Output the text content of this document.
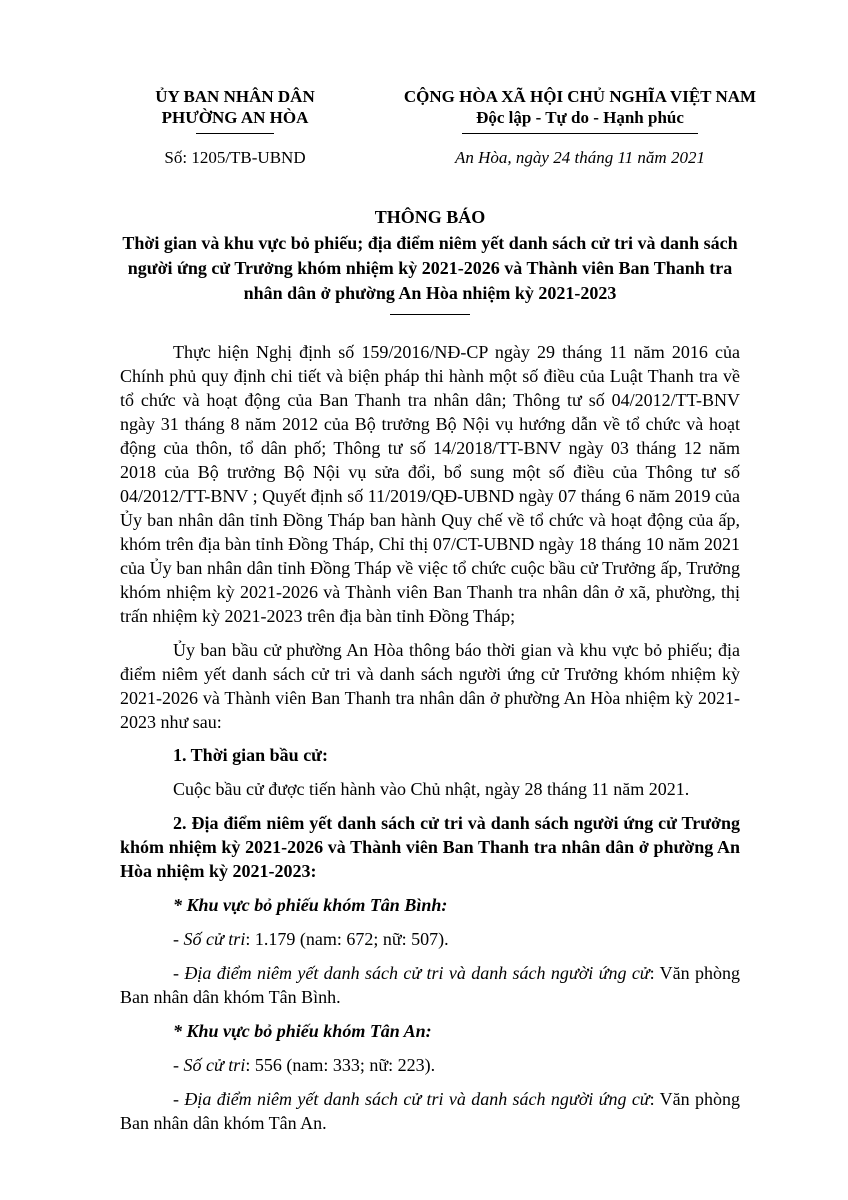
ỦY BAN NHÂN DÂN
PHƯỜNG AN HÒA
CỘNG HÒA XÃ HỘI CHỦ NGHĨA VIỆT NAM
Độc lập - Tự do - Hạnh phúc
Số: 1205/TB-UBND	An Hòa, ngày 24 tháng 11 năm 2021
THÔNG BÁO
Thời gian và khu vực bỏ phiếu; địa điểm niêm yết danh sách cử tri và danh sách người ứng cử Trưởng khóm nhiệm kỳ 2021-2026 và Thành viên Ban Thanh tra nhân dân ở phường An Hòa nhiệm kỳ 2021-2023

Thực hiện Nghị định số 159/2016/NĐ-CP ngày 29 tháng 11 năm 2016 của Chính phủ quy định chi tiết và biện pháp thi hành một số điều của Luật Thanh tra về tổ chức và hoạt động của Ban Thanh tra nhân dân; Thông tư số 04/2012/TT-BNV ngày 31 tháng 8 năm 2012 của Bộ trưởng Bộ Nội vụ hướng dẫn về tổ chức và hoạt động của thôn, tổ dân phố; Thông tư số 14/2018/TT-BNV ngày 03 tháng 12 năm 2018 của Bộ trưởng Bộ Nội vụ sửa đổi, bổ sung một số điều của Thông tư số 04/2012/TT-BNV ; Quyết định số 11/2019/QĐ-UBND ngày 07 tháng 6 năm 2019 của Ủy ban nhân dân tỉnh Đồng Tháp ban hành Quy chế về tổ chức và hoạt động của ấp, khóm trên địa bàn tỉnh Đồng Tháp, Chỉ thị 07/CT-UBND ngày 18 tháng 10 năm 2021 của Ủy ban nhân dân tỉnh Đồng Tháp về việc tổ chức cuộc bầu cử Trưởng ấp, Trưởng khóm nhiệm kỳ 2021-2026 và Thành viên Ban Thanh tra nhân dân ở xã, phường, thị trấn nhiệm kỳ 2021-2023 trên địa bàn tỉnh Đồng Tháp;

Ủy ban bầu cử phường An Hòa thông báo thời gian và khu vực bỏ phiếu; địa điểm niêm yết danh sách cử tri và danh sách người ứng cử Trưởng khóm nhiệm kỳ 2021-2026 và Thành viên Ban Thanh tra nhân dân ở phường An Hòa nhiệm kỳ 2021-2023 như sau:

1. Thời gian bầu cử:

Cuộc bầu cử được tiến hành vào Chủ nhật, ngày 28 tháng 11 năm 2021.

2. Địa điểm niêm yết danh sách cử tri và danh sách người ứng cử Trưởng khóm nhiệm kỳ 2021-2026 và Thành viên Ban Thanh tra nhân dân ở phường An Hòa nhiệm kỳ 2021-2023:

* Khu vực bỏ phiếu khóm Tân Bình:

- Số cử tri: 1.179 (nam: 672; nữ: 507).

- Địa điểm niêm yết danh sách cử tri và danh sách người ứng cử: Văn phòng Ban nhân dân khóm Tân Bình.

* Khu vực bỏ phiếu khóm Tân An:

- Số cử tri: 556 (nam: 333; nữ: 223).

- Địa điểm niêm yết danh sách cử tri và danh sách người ứng cử: Văn phòng Ban nhân dân khóm Tân An.
